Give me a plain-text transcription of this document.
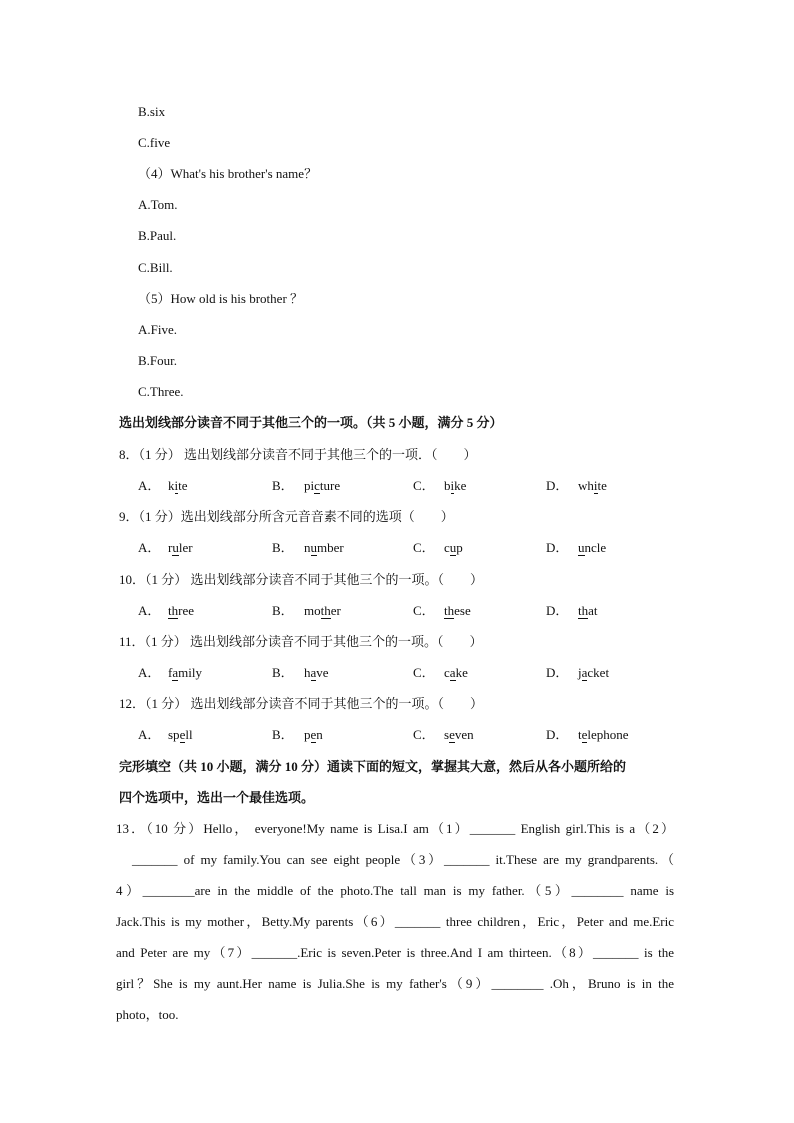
B.six
C.five
（4）What's his brother's name？
A.Tom.
B.Paul.
C.Bill.
（5）How old is his brother ？
A.Five.
B.Four.
C.Three.
选出划线部分读音不同于其他三个的一项。（共 5 小题，满分 5 分）
8．（1 分） 选出划线部分读音不同于其他三个的一项．（　　）
A． kite	B． picture	C． bike	D． white
9．（1 分）选出划线部分所含元音音素不同的选项（　　）
A． ruler	B． number	C． cup	D． uncle
10．（1 分） 选出划线部分读音不同于其他三个的一项。（　　）
A． three	B． mother	C． these	D． that
11．（1 分） 选出划线部分读音不同于其他三个的一项。（　　）
A． family	B． have	C． cake	D． jacket
12．（1 分） 选出划线部分读音不同于其他三个的一项。（　　）
A． spell	B． pen	C． seven	D． telephone
完形填空（共 10 小题，满分 10 分）通读下面的短文，掌握其大意，然后从各小题所给的
四个选项中，选出一个最佳选项。
13．（10 分）Hello， everyone!My name is Lisa.I am（1）_______ English girl.This is a（2）
_______ of my family.You can see eight people（3）_______ it.These are my grandparents.（
4）________are in the middle of the photo.The tall man is my father.（5）________ name is
Jack.This is my mother，Betty.My parents（6）_______ three children，Eric，Peter and me.Eric
and Peter are my（7）_______.Eric is seven.Peter is three.And I am thirteen.（8）_______ is the
girl？She is my aunt.Her name is Julia.She is my father's（9）________ .Oh，Bruno is in the
photo，too.
